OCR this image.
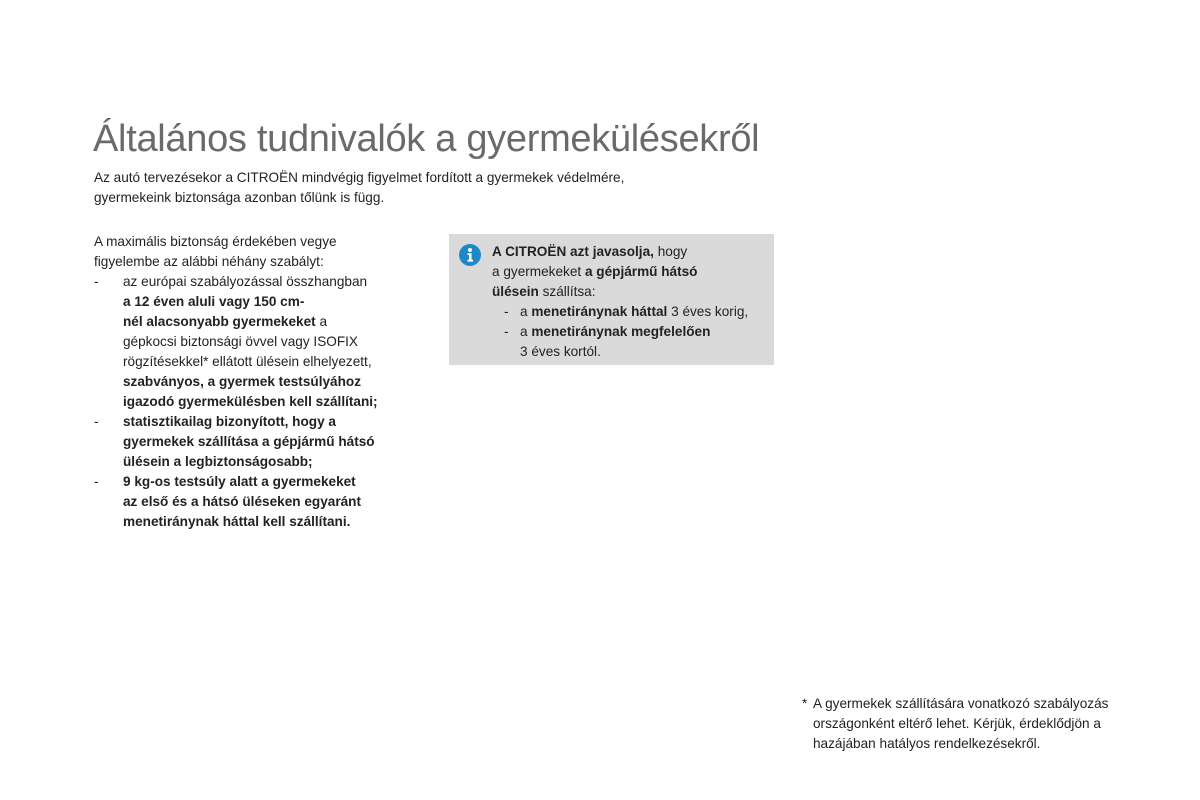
Általános tudnivalók a gyermekülésekről
Az autó tervezésekor a CITROËN mindvégig figyelmet fordított a gyermekek védelmére,
gyermekeink biztonsága azonban tőlünk is függ.
A maximális biztonság érdekében vegye
figyelembe az alábbi néhány szabályt:
- az európai szabályozással összhangban
a 12 éven aluli vagy 150 cm-
nél alacsonyabb gyermekeket a
gépkocsi biztonsági övvel vagy ISOFIX
rögzítésekkel* ellátott ülésein elhelyezett,
szabványos, a gyermek testsúlyához
igazodó gyermekülésben kell szállítani;
- statisztikailag bizonyított, hogy a
gyermekek szállítása a gépjármű hátsó
ülésein a legbiztonságosabb;
- 9 kg-os testsúly alatt a gyermekeket
az első és a hátsó üléseken egyaránt
menetiránynak háttal kell szállítani.
A CITROËN azt javasolja, hogy
a gyermekeket a gépjármű hátsó
ülésein szállítsa:
- a menetiránynak háttal 3 éves korig,
- a menetiránynak megfelelően
3 éves kortól.
* A gyermekek szállítására vonatkozó szabályozás
országonként eltérő lehet. Kérjük, érdeklődjön a
hazájában hatályos rendelkezésekről.
